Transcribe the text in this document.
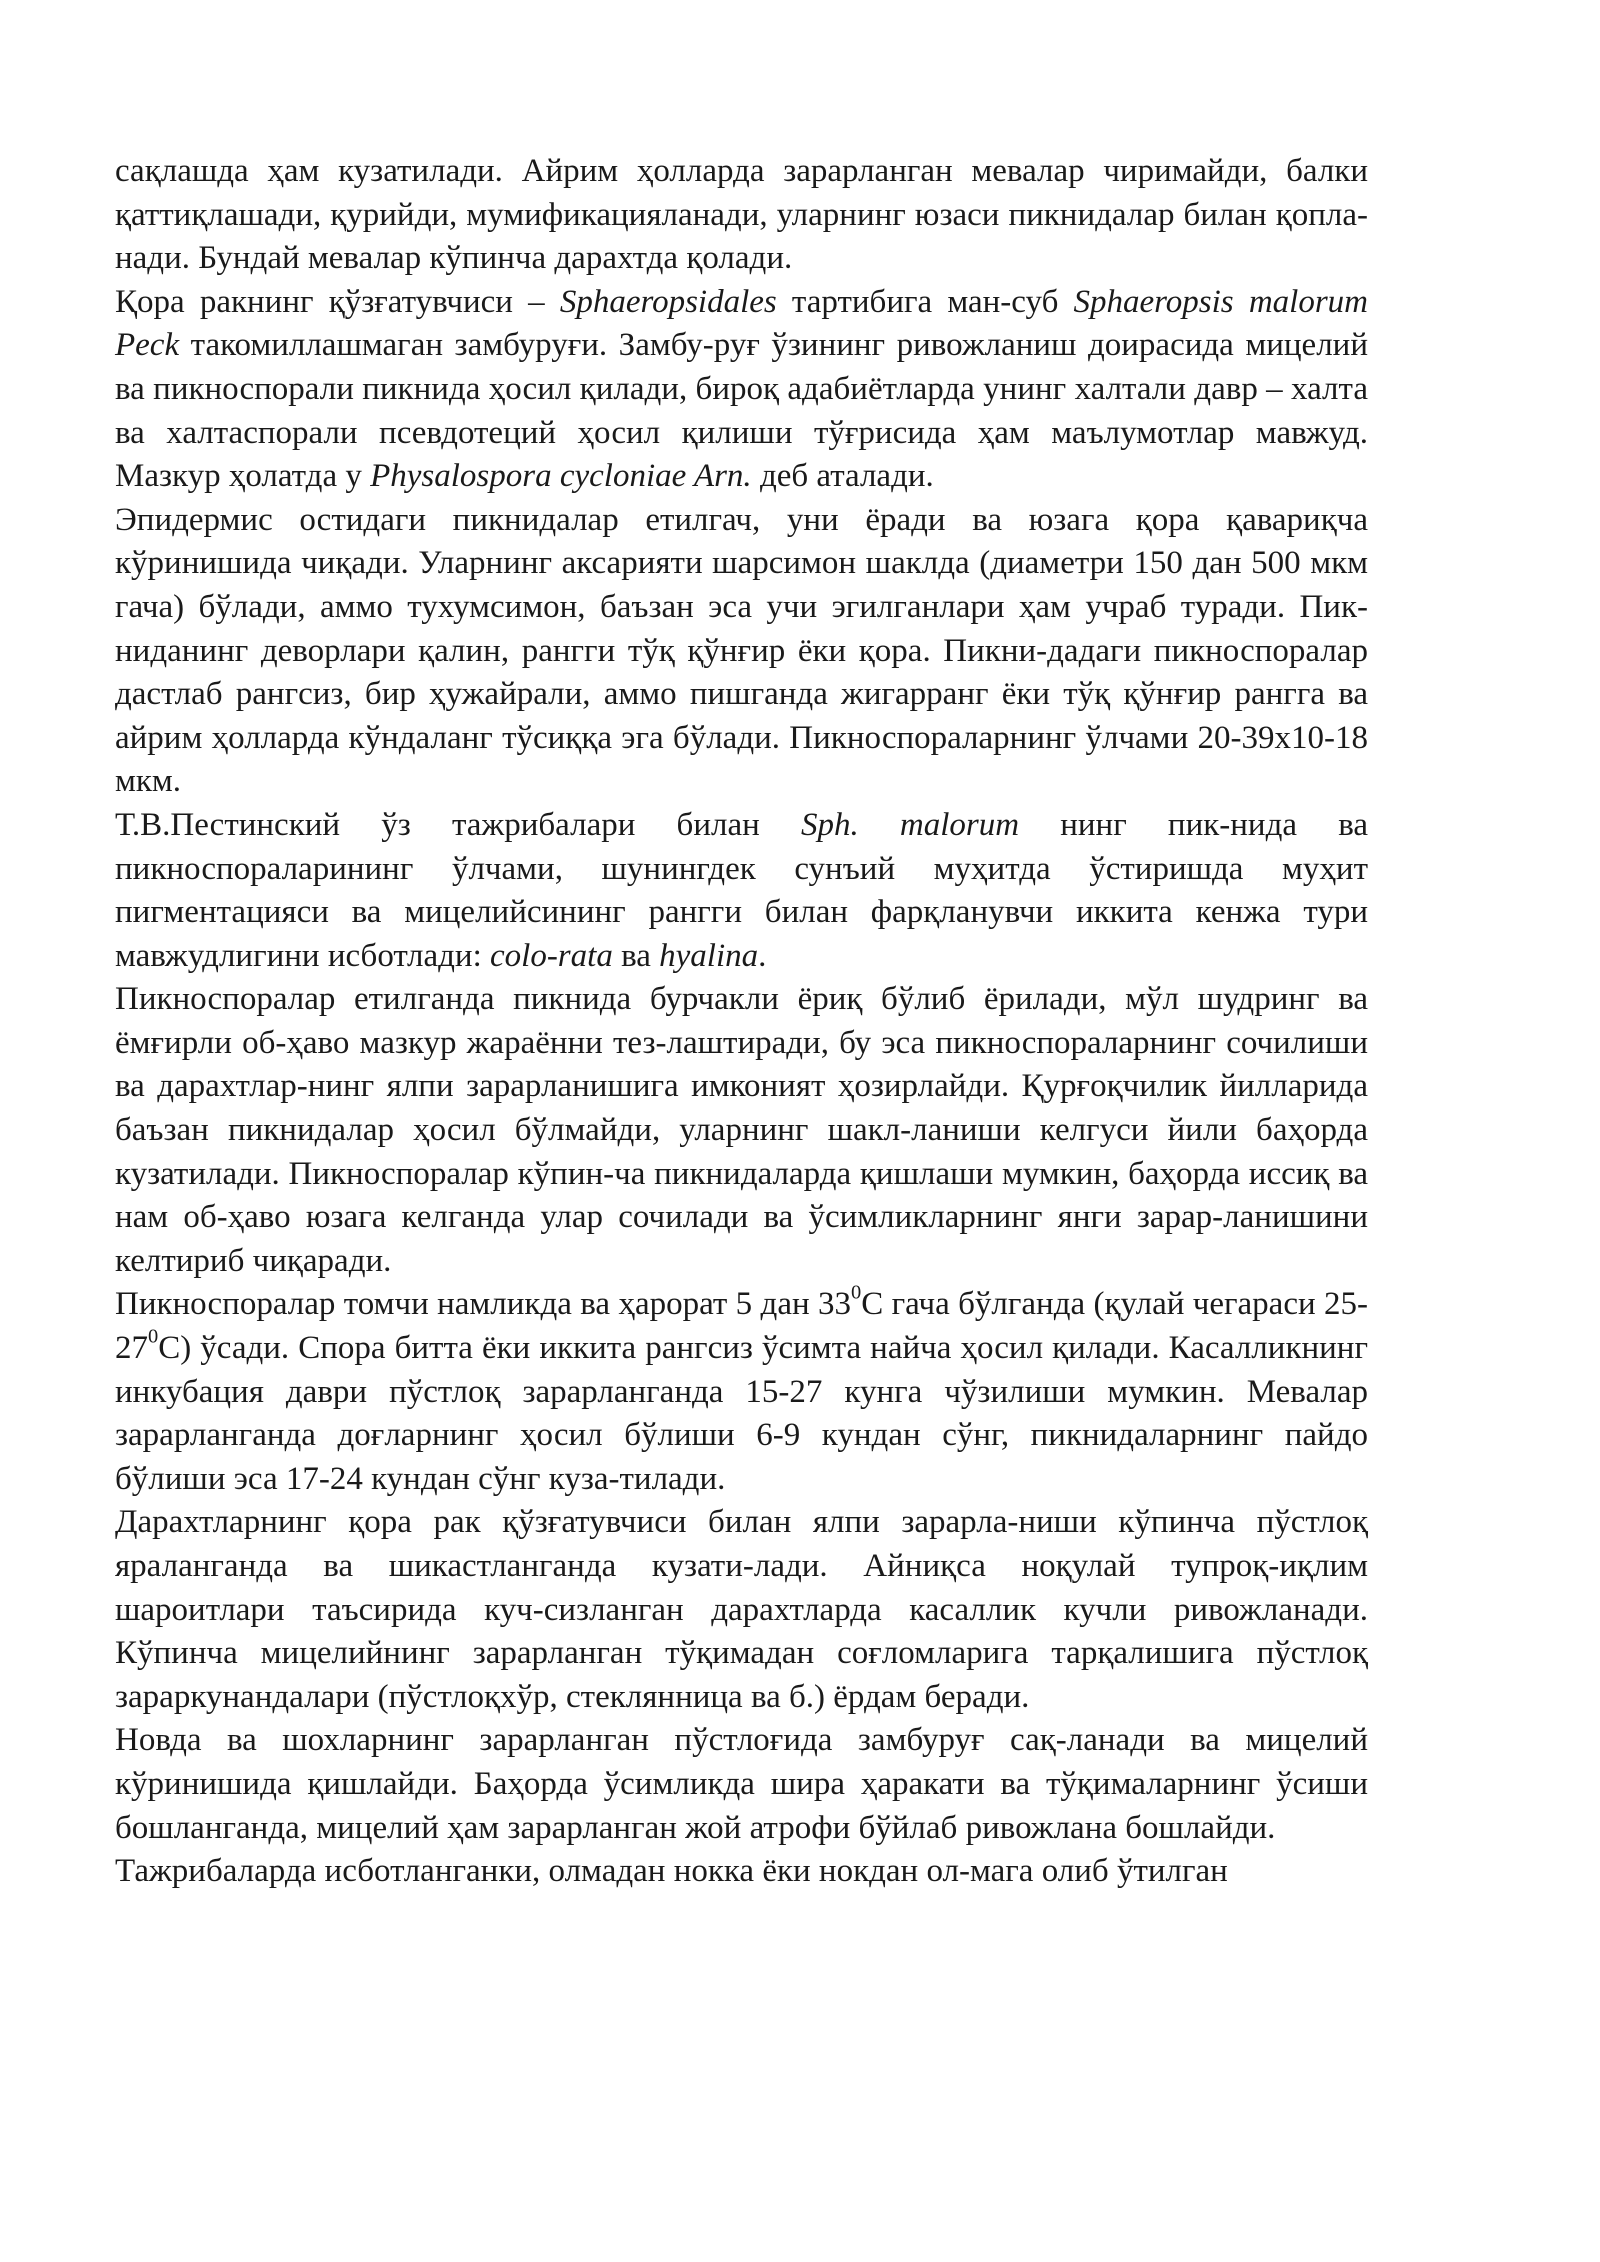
сақлашда ҳам кузатилади. Айрим ҳолларда зарарланган мевалар чиримайди, балки қаттиқлашади, қурийди, мумификацияланади, уларнинг юзаси пикнидалар билан қопла-нади. Бундай мевалар кўпинча дарахтда қолади.

Қора ракнинг қўзғатувчиси – Sphaeropsidales тартибига ман-суб Sphaeropsis malorum Peck такомиллашмаган замбуруғи. Замбу-руғ ўзининг ривожланиш доирасида мицелий ва пикноспорали пикнида ҳосил қилади, бироқ адабиётларда унинг халтали давр – халта ва халтаспорали псевдотеций ҳосил қилиши тўғрисида ҳам маълумотлар мавжуд. Мазкур ҳолатда у Physalospora cycloniae Arn. деб аталади.

Эпидермис остидаги пикнидалар етилгач, уни ёради ва юзага қора қавариқча кўринишида чиқади. Уларнинг аксарияти шарсимон шаклда (диаметри 150 дан 500 мкм гача) бўлади, аммо тухумсимон, баъзан эса учи эгилганлари ҳам учраб туради. Пик-ниданинг деворлари қалин, рангги тўқ қўнғир ёки қора. Пикни-дадаги пикноспоралар дастлаб рангсиз, бир ҳужайрали, аммо пишганда жигарранг ёки тўқ қўнғир рангга ва айрим ҳолларда кўндаланг тўсиққа эга бўлади. Пикноспораларнинг ўлчами 20-39х10-18 мкм.

Т.В.Пестинский ўз тажрибалари билан Sph. malorum нинг пик-нида ва пикноспораларининг ўлчами, шунингдек сунъий муҳитда ўстиришда муҳит пигментацияси ва мицелийсининг рангги билан фарқланувчи иккита кенжа тури мавжудлигини исботлади: colo-rata ва hyalina.

Пикноспоралар етилганда пикнида бурчакли ёриқ бўлиб ёрилади, мўл шудринг ва ёмғирли об-ҳаво мазкур жараённи тез-лаштиради, бу эса пикноспораларнинг сочилиши ва дарахтлар-нинг ялпи зарарланишига имконият ҳозирлайди. Қурғоқчилик йилларида баъзан пикнидалар ҳосил бўлмайди, уларнинг шакл-ланиши келгуси йили баҳорда кузатилади. Пикноспоралар кўпин-ча пикнидаларда қишлаши мумкин, баҳорда иссиқ ва нам об-ҳаво юзага келганда улар сочилади ва ўсимликларнинг янги зарар-ланишини келтириб чиқаради.

Пикноспоралар томчи намликда ва ҳарорат 5 дан $33^0С$ гача бўлганда (қулай чегараси $25-27^0С$) ўсади. Спора битта ёки иккита рангсиз ўсимта найча ҳосил қилади. Касалликнинг инкубация даври пўстлоқ зарарланганда 15-27 кунга чўзилиши мумкин. Мевалар зарарланганда доғларнинг ҳосил бўлиши 6-9 кундан сўнг, пикнидаларнинг пайдо бўлиши эса 17-24 кундан сўнг куза-тилади.

Дарахтларнинг қора рак қўзғатувчиси билан ялпи зарарла-ниши кўпинча пўстлоқ яраланганда ва шикастланганда кузати-лади. Айниқса ноқулай тупроқ-иқлим шароитлари таъсирида куч-сизланган дарахтларда касаллик кучли ривожланади. Кўпинча мицелийнинг зарарланган тўқимадан соғломларига тарқалишига пўстлоқ зараркунандалари (пўстлоқхўр, стеклянница ва б.) ёрдам беради.

Новда ва шохларнинг зарарланган пўстлоғида замбуруғ сақ-ланади ва мицелий кўринишида қишлайди. Баҳорда ўсимликда шира ҳаракати ва тўқималарнинг ўсиши бошланганда, мицелий ҳам зарарланган жой атрофи бўйлаб ривожлана бошлайди.

Тажрибаларда исботланганки, олмадан нокка ёки нокдан ол-мага олиб ўтилган
